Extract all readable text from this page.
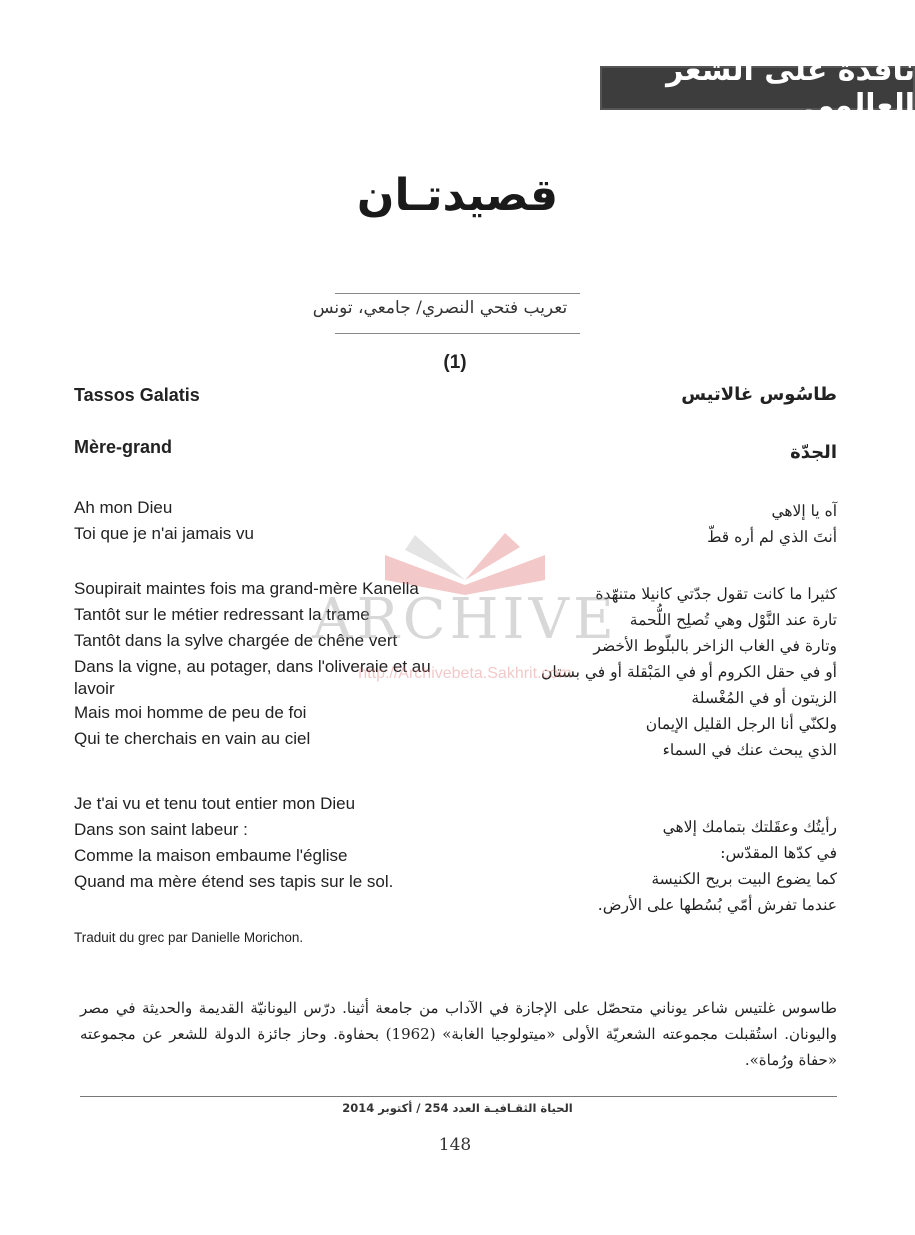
نافذة على الشعر العالمي
قصيدتـان
تعريب فتحي النصري/ جامعي، تونس
(1)
Tassos Galatis
Mère-grand
Ah mon Dieu
Toi que je n'ai jamais vu
Soupirait maintes fois ma grand-mère Kanella
Tantôt sur le métier redressant la trame
Tantôt dans la sylve chargée de chêne vert
Dans la vigne, au potager, dans l'oliveraie et au
lavoir
Mais moi homme de peu de foi
Qui te cherchais en vain au ciel
Je t'ai vu et tenu tout entier mon Dieu
Dans son saint labeur :
Comme la maison embaume l'église
Quand ma mère étend ses tapis sur le sol.
Traduit du grec par Danielle Morichon.
طاسُوس غالاتيس
الجدّة
آه يا إلاهي
أنتَ الذي لم أره قطّ
كثيرا ما كانت تقول جدّتي كانيلا متنهّدة
تارة عند النَّوْل وهي تُصلِح اللُّحمة
وتارة في الغاب الزاخر بالبلّوط الأخضر
أو في حقل الكروم أو في المَبْقلة أو في بستان
الزيتون أو في المُغْسلة
ولكنّي أنا الرجل القليل الإيمان
الذي يبحث عنك في السماء
رأيتُك وعقَلتك بتمامك إلاهي
في كدّها المقدّس:
كما يضوع البيت بريح الكنيسة
عندما تفرش أمّي بُسُطها على الأرض.
ARCHIVE
http://Archivebeta.Sakhrit.com
طاسوس غلتيس شاعر يوناني متحصّل على الإجازة في الآداب من جامعة أثينا. درّس اليونانيّة القديمة والحديثة في مصر واليونان. استُقبلت مجموعته الشعريّة الأولى «ميتولوجيا الغابة» (1962) بحفاوة. وحاز جائزة الدولة للشعر عن مجموعته «حفاة ورُماة».
الحياة الثقـافيـة العدد 254 / أكتوبر 2014
148
